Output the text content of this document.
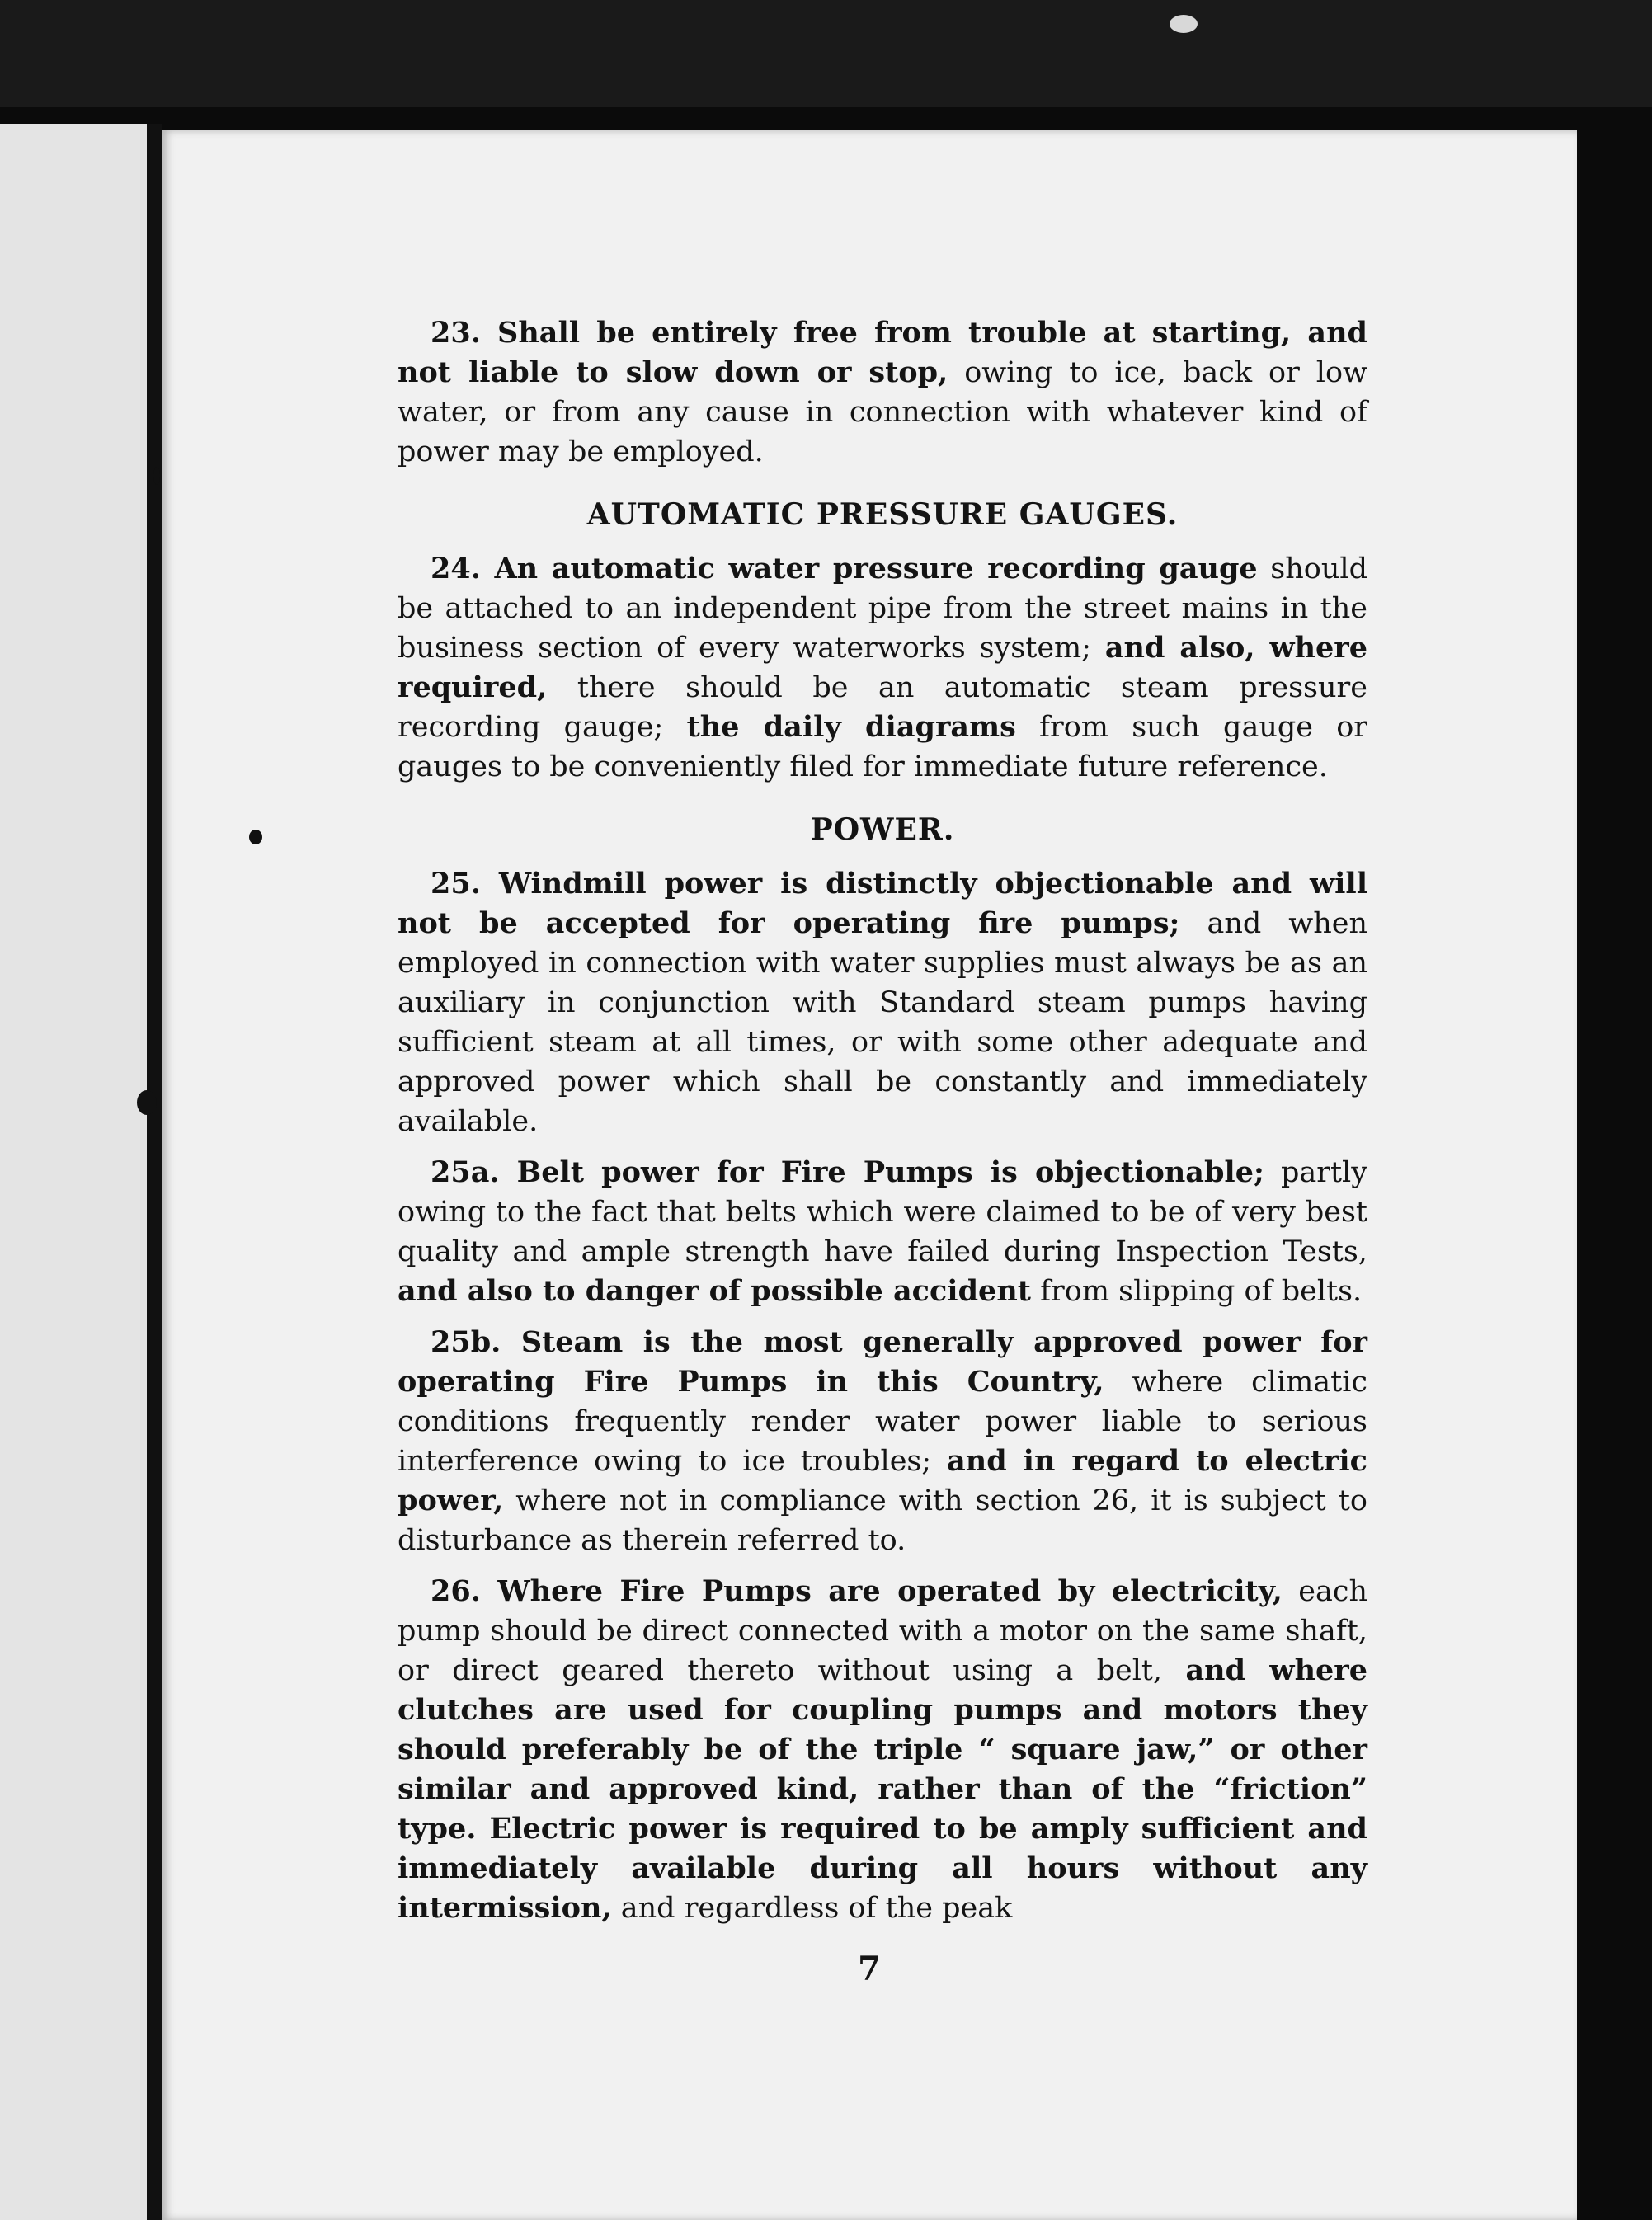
23. Shall be entirely free from trouble at starting, and not liable to slow down or stop, owing to ice, back or low water, or from any cause in connection with whatever kind of power may be employed.

AUTOMATIC PRESSURE GAUGES.

24. An automatic water pressure recording gauge should be attached to an independent pipe from the street mains in the business section of every waterworks system; and also, where required, there should be an automatic steam pressure recording gauge; the daily diagrams from such gauge or gauges to be conveniently filed for immediate future reference.

POWER.

25. Windmill power is distinctly objectionable and will not be accepted for operating fire pumps; and when employed in connection with water supplies must always be as an auxiliary in conjunction with Standard steam pumps having sufficient steam at all times, or with some other adequate and approved power which shall be constantly and immediately available.

25a. Belt power for Fire Pumps is objectionable; partly owing to the fact that belts which were claimed to be of very best quality and ample strength have failed during Inspection Tests, and also to danger of possible accident from slipping of belts.

25b. Steam is the most generally approved power for operating Fire Pumps in this Country, where climatic conditions frequently render water power liable to serious interference owing to ice troubles; and in regard to electric power, where not in compliance with section 26, it is subject to disturbance as therein referred to.

26. Where Fire Pumps are operated by electricity, each pump should be direct connected with a motor on the same shaft, or direct geared thereto without using a belt, and where clutches are used for coupling pumps and motors they should preferably be of the triple “ square jaw,” or other similar and approved kind, rather than of the “friction” type. Electric power is required to be amply sufficient and immediately available during all hours without any intermission, and regardless of the peak

7
